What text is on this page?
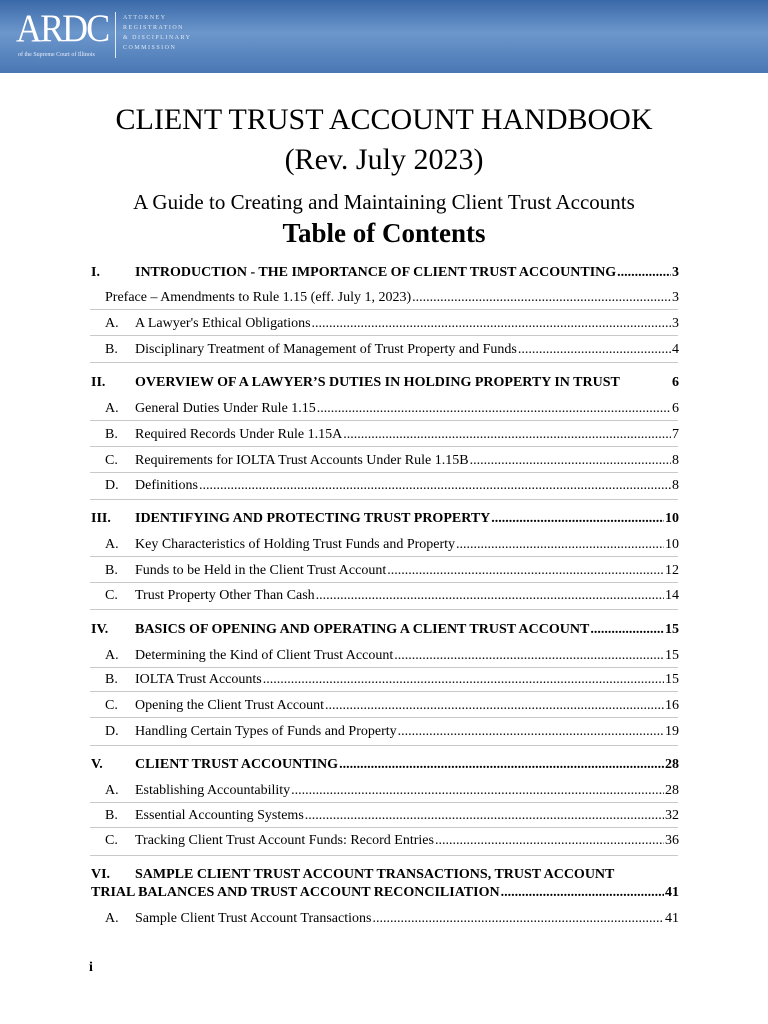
ARDC
of the Supreme Court of Illinois
ATTORNEY
REGISTRATION
& DISCIPLINARY
COMMISSION
CLIENT TRUST ACCOUNT HANDBOOK
(Rev. July 2023)
A Guide to Creating and Maintaining Client Trust Accounts
Table of Contents
I.	INTRODUCTION - THE IMPORTANCE OF CLIENT TRUST ACCOUNTING .....	3
Preface – Amendments to Rule 1.15 (eff. July 1, 2023) .....	3
A.	A Lawyer's Ethical Obligations .....	3
B.	Disciplinary Treatment of Management of Trust Property and Funds .....	4
II.	OVERVIEW OF A LAWYER’S DUTIES IN HOLDING PROPERTY IN TRUST	6
A.	General Duties Under Rule 1.15 .....	6
B.	Required Records Under Rule 1.15A .....	7
C.	Requirements for IOLTA Trust Accounts Under Rule 1.15B .....	8
D.	Definitions .....	8
III.	IDENTIFYING AND PROTECTING TRUST PROPERTY .....	10
A.	Key Characteristics of Holding Trust Funds and Property .....	10
B.	Funds to be Held in the Client Trust Account .....	12
C.	Trust Property Other Than Cash .....	14
IV.	BASICS OF OPENING AND OPERATING A CLIENT TRUST ACCOUNT .....	15
A.	Determining the Kind of Client Trust Account .....	15
B.	IOLTA Trust Accounts .....	15
C.	Opening the Client Trust Account .....	16
D.	Handling Certain Types of Funds and Property .....	19
V.	CLIENT TRUST ACCOUNTING .....	28
A.	Establishing Accountability .....	28
B.	Essential Accounting Systems .....	32
C.	Tracking Client Trust Account Funds: Record Entries .....	36
VI. SAMPLE CLIENT TRUST ACCOUNT TRANSACTIONS, TRUST ACCOUNT
TRIAL BALANCES AND TRUST ACCOUNT RECONCILIATION .....	41
A.	Sample Client Trust Account Transactions .....	41
i
